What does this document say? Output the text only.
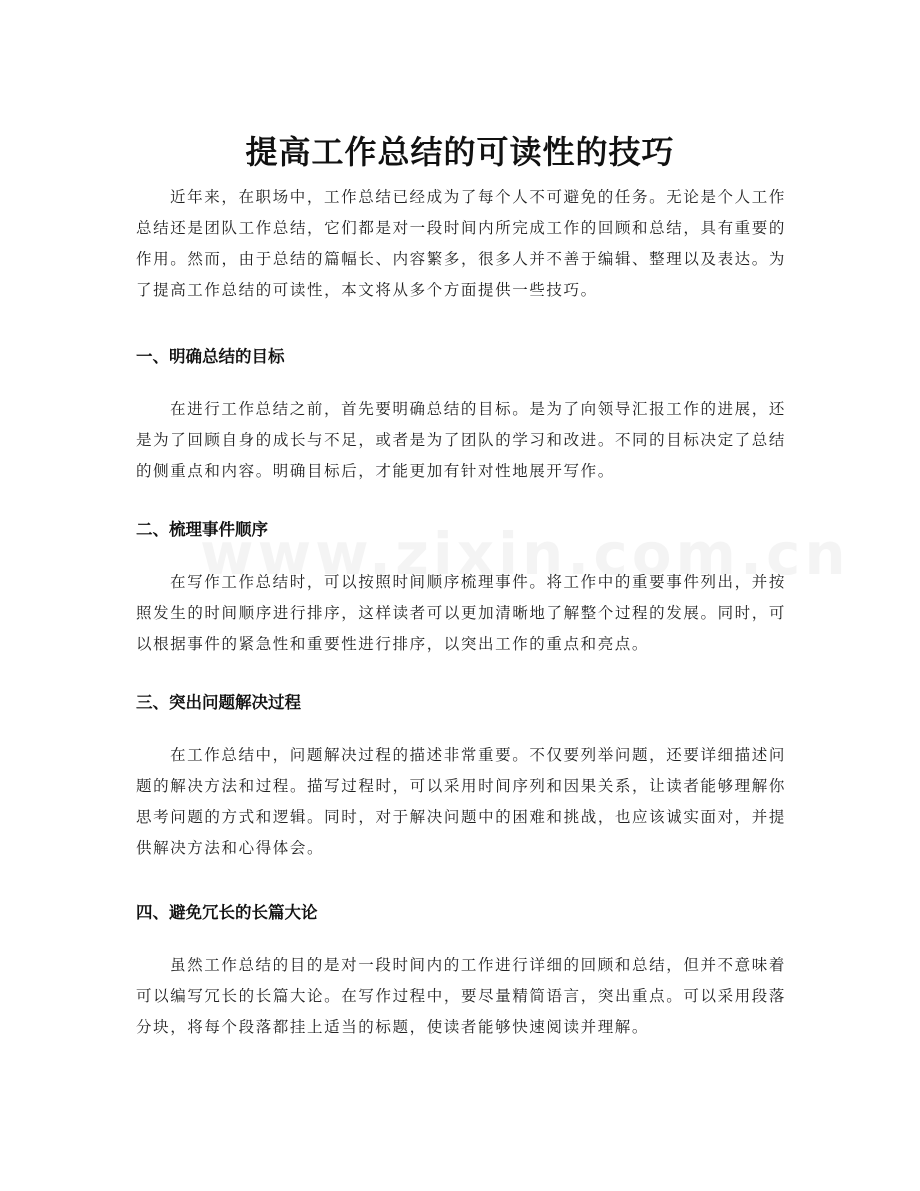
提高工作总结的可读性的技巧

近年来，在职场中，工作总结已经成为了每个人不可避免的任务。无论是个人工作总结还是团队工作总结，它们都是对一段时间内所完成工作的回顾和总结，具有重要的作用。然而，由于总结的篇幅长、内容繁多，很多人并不善于编辑、整理以及表达。为了提高工作总结的可读性，本文将从多个方面提供一些技巧。

一、明确总结的目标

在进行工作总结之前，首先要明确总结的目标。是为了向领导汇报工作的进展，还是为了回顾自身的成长与不足，或者是为了团队的学习和改进。不同的目标决定了总结的侧重点和内容。明确目标后，才能更加有针对性地展开写作。

二、梳理事件顺序

在写作工作总结时，可以按照时间顺序梳理事件。将工作中的重要事件列出，并按照发生的时间顺序进行排序，这样读者可以更加清晰地了解整个过程的发展。同时，可以根据事件的紧急性和重要性进行排序，以突出工作的重点和亮点。

三、突出问题解决过程

在工作总结中，问题解决过程的描述非常重要。不仅要列举问题，还要详细描述问题的解决方法和过程。描写过程时，可以采用时间序列和因果关系，让读者能够理解你思考问题的方式和逻辑。同时，对于解决问题中的困难和挑战，也应该诚实面对，并提供解决方法和心得体会。

四、避免冗长的长篇大论

虽然工作总结的目的是对一段时间内的工作进行详细的回顾和总结，但并不意味着可以编写冗长的长篇大论。在写作过程中，要尽量精简语言，突出重点。可以采用段落分块，将每个段落都挂上适当的标题，使读者能够快速阅读并理解。
